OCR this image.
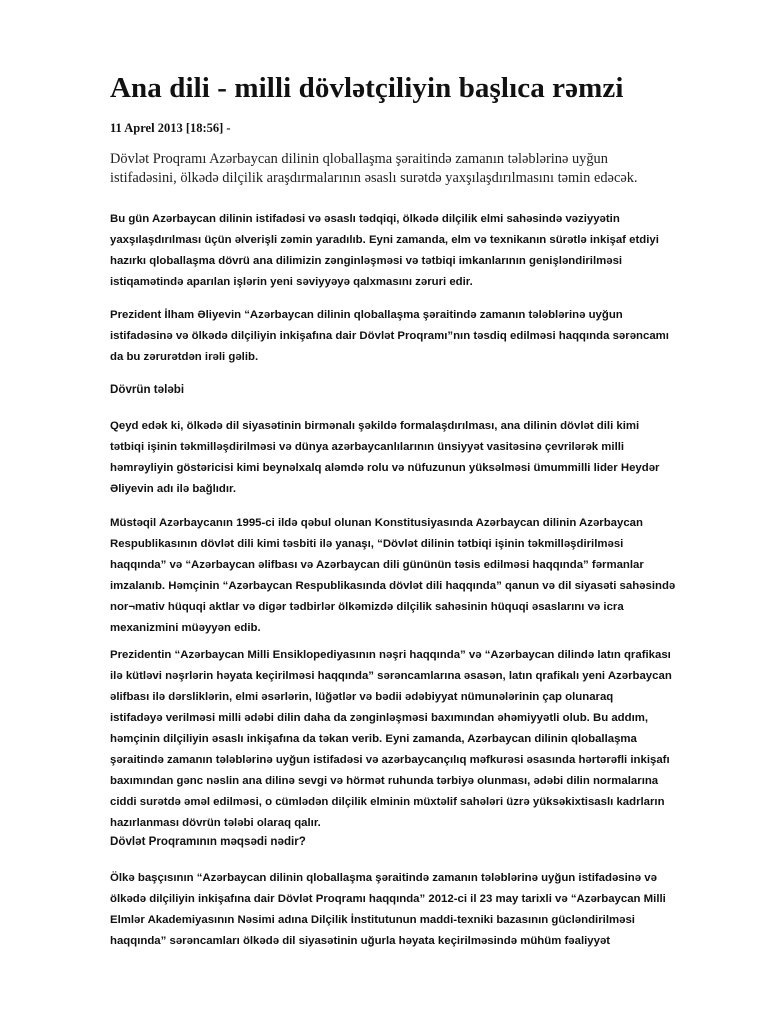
Ana dili - milli dövlətçiliyin başlıca rəmzi
11 Aprel 2013 [18:56] -
Dövlət Proqramı Azərbaycan dilinin qloballaşma şəraitində zamanın tələblərinə uyğun
istifadəsini, ölkədə dilçilik araşdırmalarının əsaslı surətdə yaxşılaşdırılmasını təmin edəcək.
Bu gün Azərbaycan dilinin istifadəsi və əsaslı tədqiqi, ölkədə dilçilik elmi sahəsində vəziyyətin
yaxşılaşdırılması üçün əlverişli zəmin yaradılıb. Eyni zamanda, elm və texnikanın sürətlə inkişaf etdiyi
hazırkı qloballaşma dövrü ana dilimizin zənginləşməsi və tətbiqi imkanlarının genişləndirilməsi
istiqamətində aparılan işlərin yeni səviyyəyə qalxmasını zəruri edir.
Prezident İlham Əliyevin “Azərbaycan dilinin qloballaşma şəraitində zamanın tələblərinə uyğun
istifadəsinə və ölkədə dilçiliyin inkişafına dair Dövlət Proqramı”nın təsdiq edilməsi haqqında sərəncamı
da bu zərurətdən irəli gəlib.
Dövrün tələbi
Qeyd edək ki, ölkədə dil siyasətinin birmənalı şəkildə formalaşdırılması, ana dilinin dövlət dili kimi
tətbiqi işinin təkmilləşdirilməsi və dünya azərbaycanlılarının ünsiyyət vasitəsinə çevrilərək milli
həmrəyliyin göstəricisi kimi beynəlxalq aləmdə rolu və nüfuzunun yüksəlməsi ümummilli lider Heydər
Əliyevin adı ilə bağlıdır.
Müstəqil Azərbaycanın 1995-ci ildə qəbul olunan Konstitusiyasında Azərbaycan dilinin Azərbaycan
Respublikasının dövlət dili kimi təsbiti ilə yanaşı, “Dövlət dilinin tətbiqi işinin təkmilləşdirilməsi
haqqında” və “Azərbaycan əlifbası və Azərbaycan dili gününün təsis edilməsi haqqında” fərmanlar
imzalanıb. Həmçinin “Azərbaycan Respublikasında dövlət dili haqqında” qanun və dil siyasəti sahəsində
nor¬mativ hüquqi aktlar və digər tədbirlər ölkəmizdə dilçilik sahəsinin hüquqi əsaslarını və icra
mexanizmini müəyyən edib.
Prezidentin “Azərbaycan Milli Ensiklopediyasının nəşri haqqında” və “Azərbaycan dilində latın qrafikası
ilə kütləvi nəşrlərin həyata keçirilməsi haqqında” sərəncamlarına əsasən, latın qrafikalı yeni Azərbaycan
əlifbası ilə dərsliklərin, elmi əsərlərin, lüğətlər və bədii ədəbiyyat nümunələrinin çap olunaraq
istifadəyə verilməsi milli ədəbi dilin daha da zənginləşməsi baxımından əhəmiyyətli olub. Bu addım,
həmçinin dilçiliyin əsaslı inkişafına da təkan verib. Eyni zamanda, Azərbaycan dilinin qloballaşma
şəraitində zamanın tələblərinə uyğun istifadəsi və azərbaycançılıq məfkurəsi əsasında hərtərəfli inkişafı
baxımından gənc nəslin ana dilinə sevgi və hörmət ruhunda tərbiyə olunması, ədəbi dilin normalarına
ciddi surətdə əməl edilməsi, o cümlədən dilçilik elminin müxtəlif sahələri üzrə yüksəkixtisaslı kadrların
hazırlanması dövrün tələbi olaraq qalır.
Dövlət Proqramının məqsədi nədir?
Ölkə başçısının “Azərbaycan dilinin qloballaşma şəraitində zamanın tələblərinə uyğun istifadəsinə və
ölkədə dilçiliyin inkişafına dair Dövlət Proqramı haqqında” 2012-ci il 23 may tarixli və “Azərbaycan Milli
Elmlər Akademiyasının Nəsimi adına Dilçilik İnstitutunun maddi-texniki bazasının gücləndirilməsi
haqqında” sərəncamları ölkədə dil siyasətinin uğurla həyata keçirilməsində mühüm fəaliyyət
